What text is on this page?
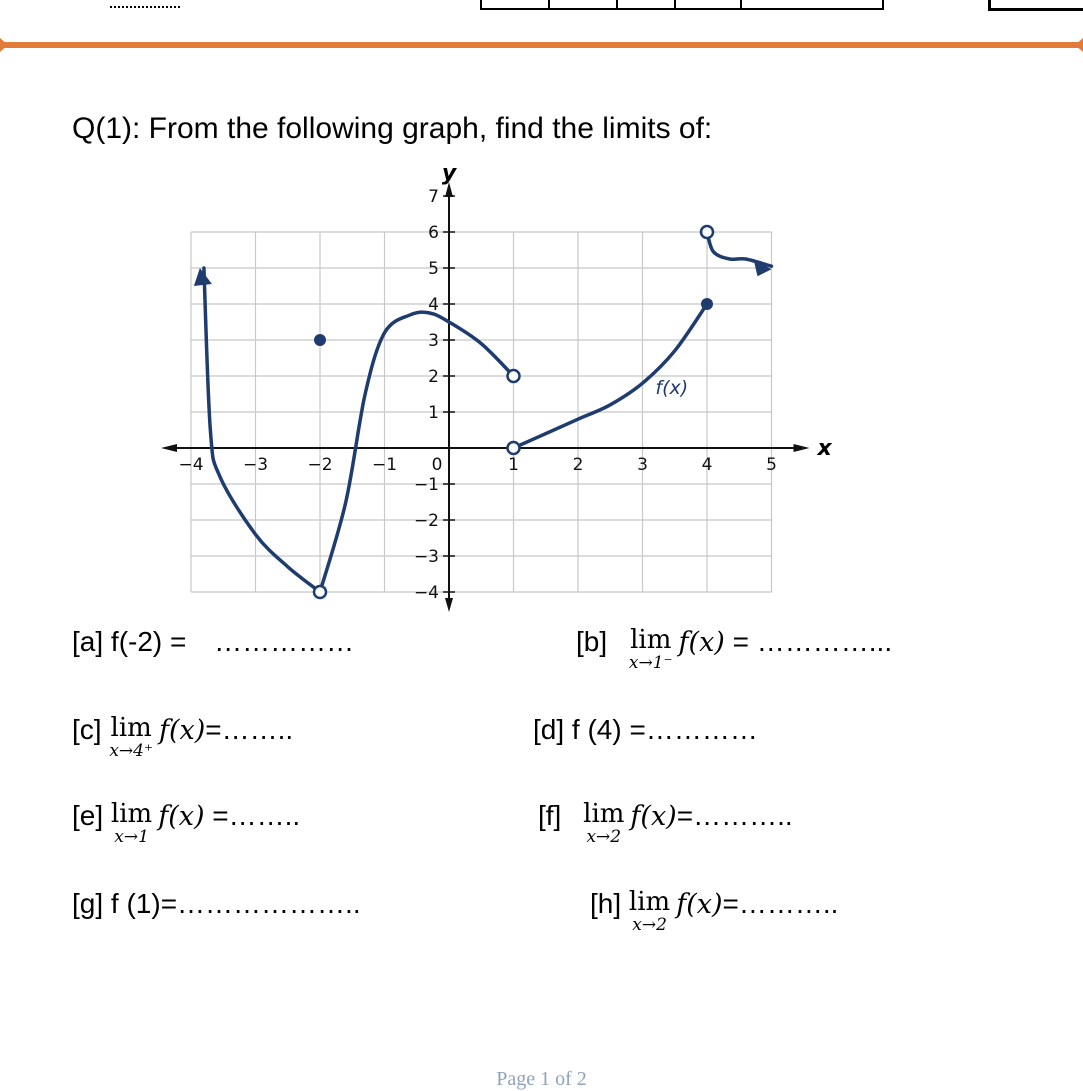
Q(1): From the following graph, find the limits of:
−4 −3 −2 −1 0	1	2	3	4	5
7
6
5
4
3
2
1
−1
−2
−3
−4
x
y
f(x)
[a] f(-2) = ……………	[b] lim
x→1⁻
f(x) = …………...
[c] lim
x→4⁺
f(x)=……..	[d] f (4) =…………
[e] lim
x→1
f(x) =……..	[f] lim
x→2
f(x)=………..
[g] f (1)=………………..	[h] lim
x→2
f(x)=………..
Page 1 of 2
